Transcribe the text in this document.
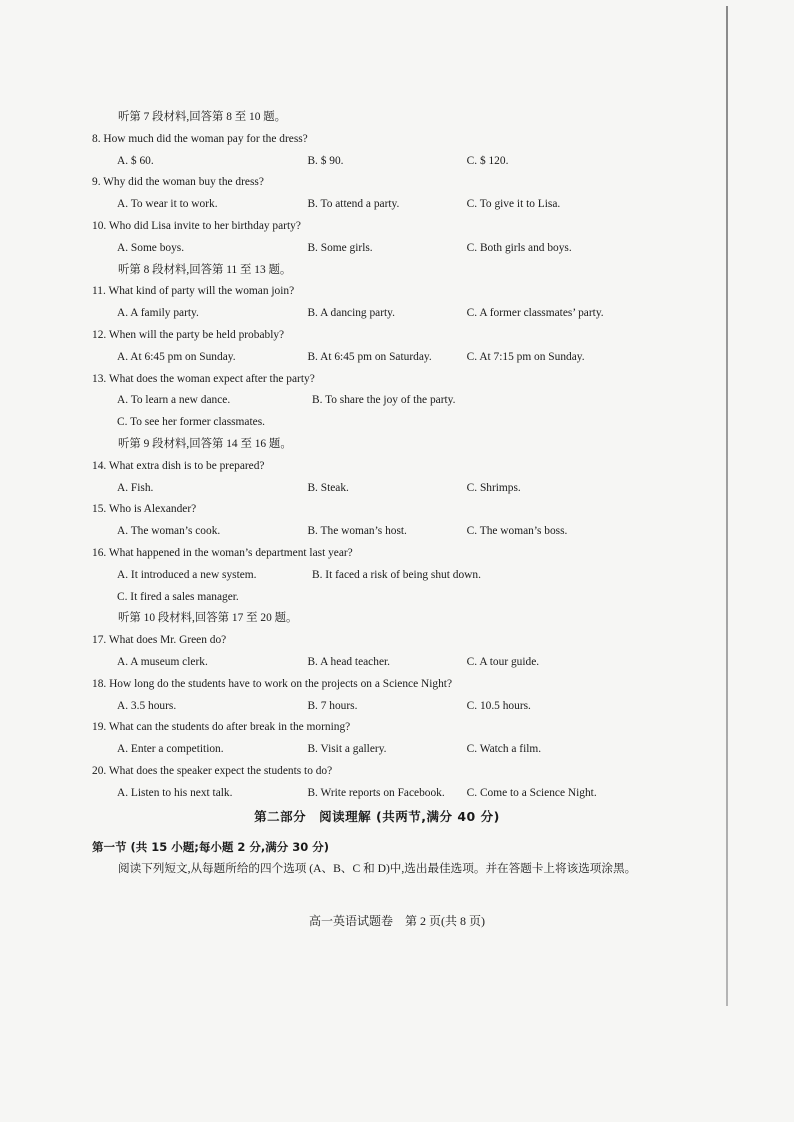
听第 7 段材料,回答第 8 至 10 题。
8. How much did the woman pay for the dress?
A. $ 60.	B. $ 90.	C. $ 120.
9. Why did the woman buy the dress?
A. To wear it to work.	B. To attend a party.	C. To give it to Lisa.
10. Who did Lisa invite to her birthday party?
A. Some boys.	B. Some girls.	C. Both girls and boys.
听第 8 段材料,回答第 11 至 13 题。
11. What kind of party will the woman join?
A. A family party.	B. A dancing party.	C. A former classmates’ party.
12. When will the party be held probably?
A. At 6:45 pm on Sunday.	B. At 6:45 pm on Saturday.	C. At 7:15 pm on Sunday.
13. What does the woman expect after the party?
A. To learn a new dance.	B. To share the joy of the party.
C. To see her former classmates.
听第 9 段材料,回答第 14 至 16 题。
14. What extra dish is to be prepared?
A. Fish.	B. Steak.	C. Shrimps.
15. Who is Alexander?
A. The woman’s cook.	B. The woman’s host.	C. The woman’s boss.
16. What happened in the woman’s department last year?
A. It introduced a new system.	B. It faced a risk of being shut down.
C. It fired a sales manager.
听第 10 段材料,回答第 17 至 20 题。
17. What does Mr. Green do?
A. A museum clerk.	B. A head teacher.	C. A tour guide.
18. How long do the students have to work on the projects on a Science Night?
A. 3.5 hours.	B. 7 hours.	C. 10.5 hours.
19. What can the students do after break in the morning?
A. Enter a competition.	B. Visit a gallery.	C. Watch a film.
20. What does the speaker expect the students to do?
A. Listen to his next talk.	B. Write reports on Facebook.	C. Come to a Science Night.
第二部分　阅读理解 (共两节,满分 40 分)
第一节 (共 15 小题;每小题 2 分,满分 30 分)
阅读下列短文,从每题所给的四个选项 (A、B、C 和 D)中,选出最佳选项。并在答题卡上将该选项涂黑。
高一英语试题卷　第 2 页(共 8 页)
